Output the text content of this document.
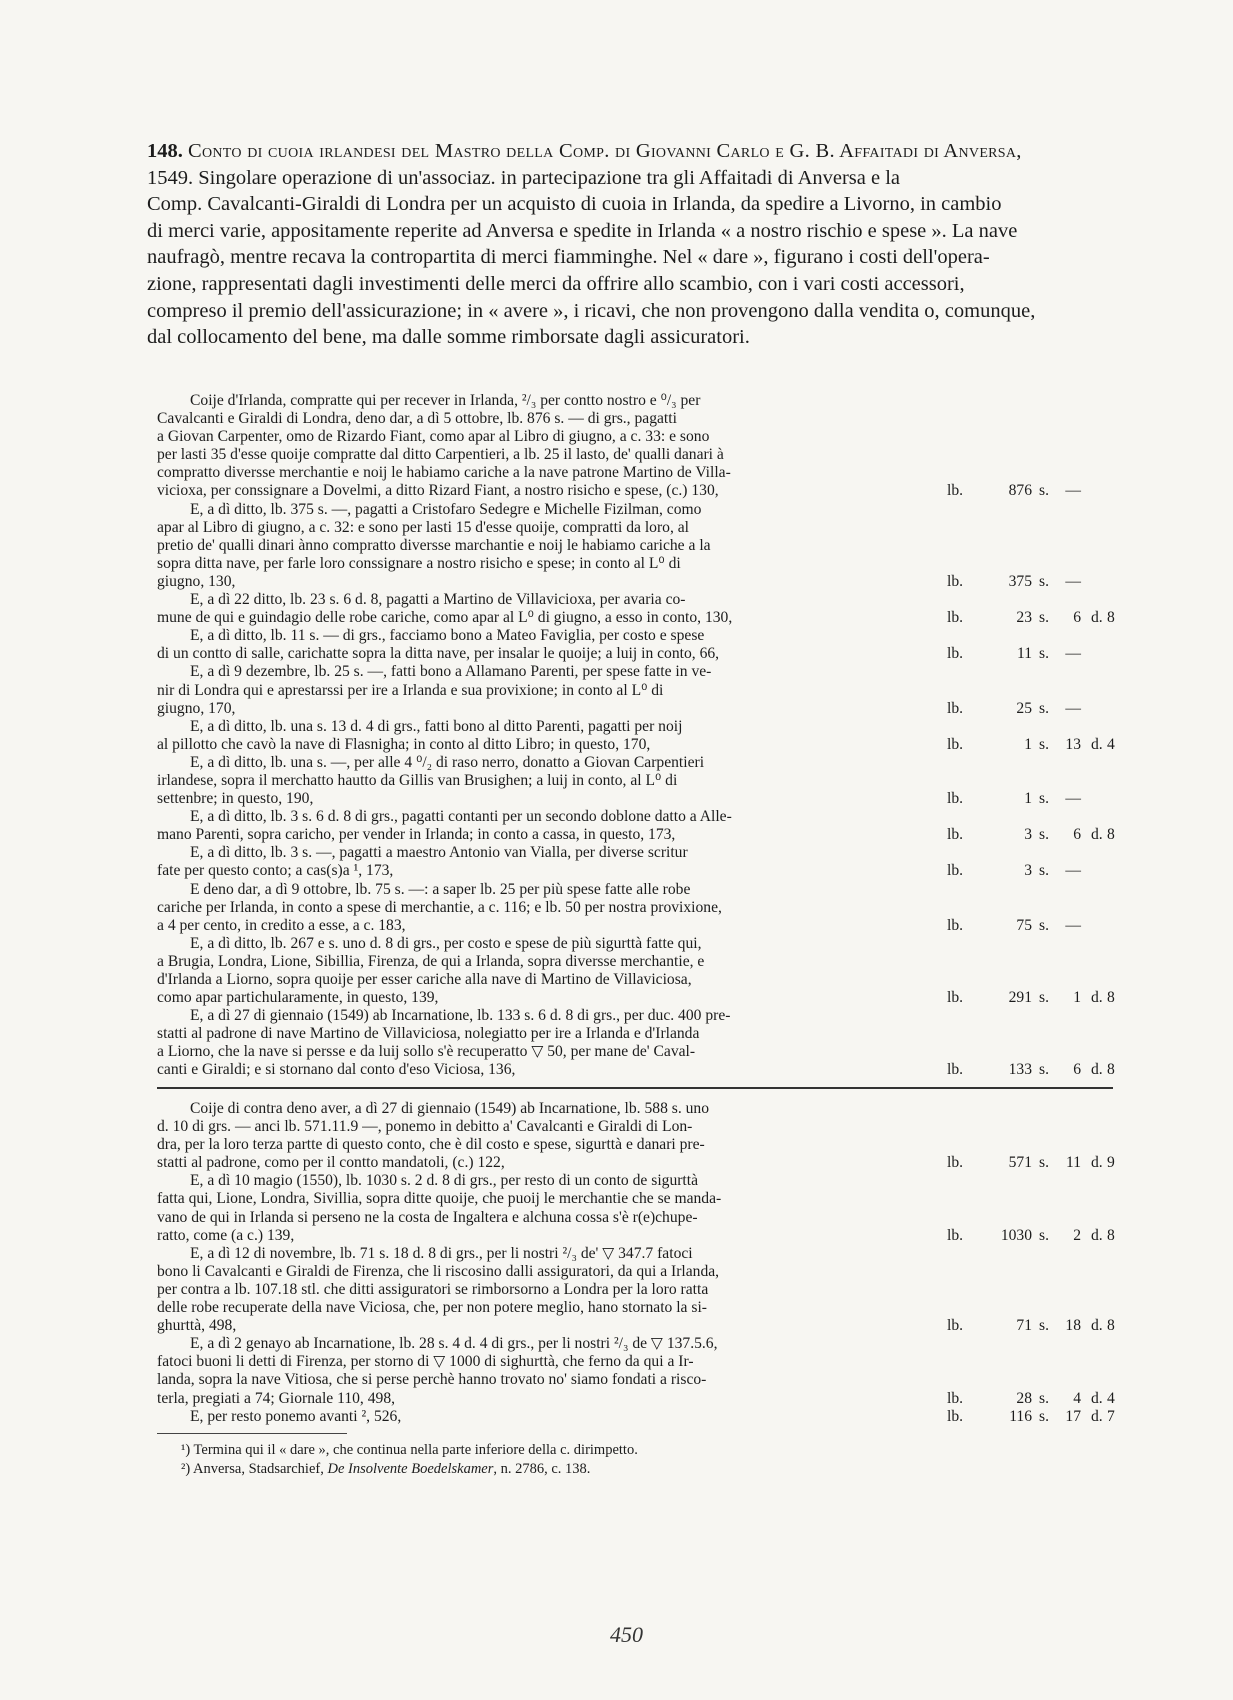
148. Conto di cuoia irlandesi del Mastro della Comp. di Giovanni Carlo e G. B. Affaitadi di Anversa,
1549. Singolare operazione di un'associaz. in partecipazione tra gli Affaitadi di Anversa e la
Comp. Cavalcanti-Giraldi di Londra per un acquisto di cuoia in Irlanda, da spedire a Livorno, in cambio
di merci varie, appositamente reperite ad Anversa e spedite in Irlanda « a nostro rischio e spese ». La nave
naufragò, mentre recava la contropartita di merci fiamminghe. Nel « dare », figurano i costi dell'opera-
zione, rappresentati dagli investimenti delle merci da offrire allo scambio, con i vari costi accessori,
compreso il premio dell'assicurazione; in « avere », i ricavi, che non provengono dalla vendita o, comunque,
dal collocamento del bene, ma dalle somme rimborsate dagli assicuratori.
Coije d'Irlanda, compratte qui per recever in Irlanda, ²/₃ per contto nostro e ⁰/₃ per
Cavalcanti e Giraldi di Londra, deno dar, a dì 5 ottobre, lb. 876 s. — di grs., pagatti
a Giovan Carpenter, omo de Rizardo Fiant, como apar al Libro di giugno, a c. 33: e sono
per lasti 35 d'esse quoije compratte dal ditto Carpentieri, a lb. 25 il lasto, de' qualli danari à
compratto diversse merchantie e noij le habiamo cariche a la nave patrone Martino de Villa-
vicioxa, per conssignare a Dovelmi, a ditto Rizard Fiant, a nostro risicho e spese, (c.) 130,	lb.	876 s. —
E, a dì ditto, lb. 375 s. —, pagatti a Cristofaro Sedegre e Michelle Fizilman, como
apar al Libro di giugno, a c. 32: e sono per lasti 15 d'esse quoije, compratti da loro, al
pretio de' qualli dinari ànno compratto diversse marchantie e noij le habiamo cariche a la
sopra ditta nave, per farle loro conssignare a nostro risicho e spese; in conto al L⁰ di
giugno, 130,	lb.	375 s. —
E, a dì 22 ditto, lb. 23 s. 6 d. 8, pagatti a Martino de Villavicioxa, per avaria co-
mune de qui e guindagio delle robe cariche, como apar al L⁰ di giugno, a esso in conto, 130,	lb.	23 s.	6 d. 8
E, a dì ditto, lb. 11 s. — di grs., facciamo bono a Mateo Faviglia, per costo e spese
di un contto di salle, carichatte sopra la ditta nave, per insalar le quoije; a luij in conto, 66,	lb.	11 s. —
E, a dì 9 dezembre, lb. 25 s. —, fatti bono a Allamano Parenti, per spese fatte in ve-
nir di Londra qui e aprestarssi per ire a Irlanda e sua provixione; in conto al L⁰ di
giugno, 170,	lb.	25 s. —
E, a dì ditto, lb. una s. 13 d. 4 di grs., fatti bono al ditto Parenti, pagatti per noij
al pillotto che cavò la nave di Flasnigha; in conto al ditto Libro; in questo, 170,	lb.	1 s. 13 d. 4
E, a dì ditto, lb. una s. —, per alle 4 ⁰/₂ di raso nerro, donatto a Giovan Carpentieri
irlandese, sopra il merchatto hautto da Gillis van Brusighen; a luij in conto, al L⁰ di
settenbre; in questo, 190,	lb.	1 s. —
E, a dì ditto, lb. 3 s. 6 d. 8 di grs., pagatti contanti per un secondo doblone datto a Alle-
mano Parenti, sopra caricho, per vender in Irlanda; in conto a cassa, in questo, 173,	lb.	3 s.	6 d. 8
E, a dì ditto, lb. 3 s. —, pagatti a maestro Antonio van Vialla, per diverse scritur
fate per questo conto; a cas(s)a ¹, 173,	lb.	3 s. —
E deno dar, a dì 9 ottobre, lb. 75 s. —: a saper lb. 25 per più spese fatte alle robe
cariche per Irlanda, in conto a spese di merchantie, a c. 116; e lb. 50 per nostra provixione,
a 4 per cento, in credito a esse, a c. 183,	lb.	75 s. —
E, a dì ditto, lb. 267 e s. uno d. 8 di grs., per costo e spese de più sigurttà fatte qui,
a Brugia, Londra, Lione, Sibillia, Firenza, de qui a Irlanda, sopra diversse merchantie, e
d'Irlanda a Liorno, sopra quoije per esser cariche alla nave di Martino de Villaviciosa,
como apar partichularamente, in questo, 139,	lb.	291 s.	1 d. 8
E, a dì 27 di giennaio (1549) ab Incarnatione, lb. 133 s. 6 d. 8 di grs., per duc. 400 pre-
statti al padrone di nave Martino de Villaviciosa, nolegiatto per ire a Irlanda e d'Irlanda
a Liorno, che la nave si persse e da luij sollo s'è recuperatto ▽ 50, per mane de' Caval-
canti e Giraldi; e si stornano dal conto d'eso Viciosa, 136,	lb.	133 s.	6 d. 8
Coije di contra deno aver, a dì 27 di giennaio (1549) ab Incarnatione, lb. 588 s. uno
d. 10 di grs. — anci lb. 571.11.9 —, ponemo in debitto a' Cavalcanti e Giraldi di Lon-
dra, per la loro terza partte di questo conto, che è dil costo e spese, sigurttà e danari pre-
statti al padrone, como per il contto mandatoli, (c.) 122,	lb.	571 s.	11 d. 9
E, a dì 10 magio (1550), lb. 1030 s. 2 d. 8 di grs., per resto di un conto de sigurttà
fatta qui, Lione, Londra, Sivillia, sopra ditte quoije, che puoij le merchantie che se manda-
vano de qui in Irlanda si perseno ne la costa de Ingaltera e alchuna cossa s'è r(e)chupe-
ratto, come (a c.) 139,	lb.	1030 s.	2 d. 8
E, a dì 12 di novembre, lb. 71 s. 18 d. 8 di grs., per li nostri ²/₃ de' ▽ 347.7 fatoci
bono li Cavalcanti e Giraldi de Firenza, che li riscosino dalli assiguratori, da qui a Irlanda,
per contra a lb. 107.18 stl. che ditti assiguratori se rimborsorno a Londra per la loro ratta
delle robe recuperate della nave Viciosa, che, per non potere meglio, hano stornato la si-
ghurttà, 498,	lb.	71 s. 18 d. 8
E, a dì 2 genayo ab Incarnatione, lb. 28 s. 4 d. 4 di grs., per li nostri ²/₃ de ▽ 137.5.6,
fatoci buoni li detti di Firenza, per storno di ▽ 1000 di sighurttà, che ferno da qui a Ir-
landa, sopra la nave Vitiosa, che si perse perchè hanno trovato no' siamo fondati a risco-
terla, pregiati a 74; Giornale 110, 498,	lb.	28 s.	4 d. 4
E, per resto ponemo avanti ², 526,	lb.	116 s. 17 d. 7
¹) Termina qui il « dare », che continua nella parte inferiore della c. dirimpetto.
²) Anversa, Stadsarchief, De Insolvente Boedelskamer, n. 2786, c. 138.
450
